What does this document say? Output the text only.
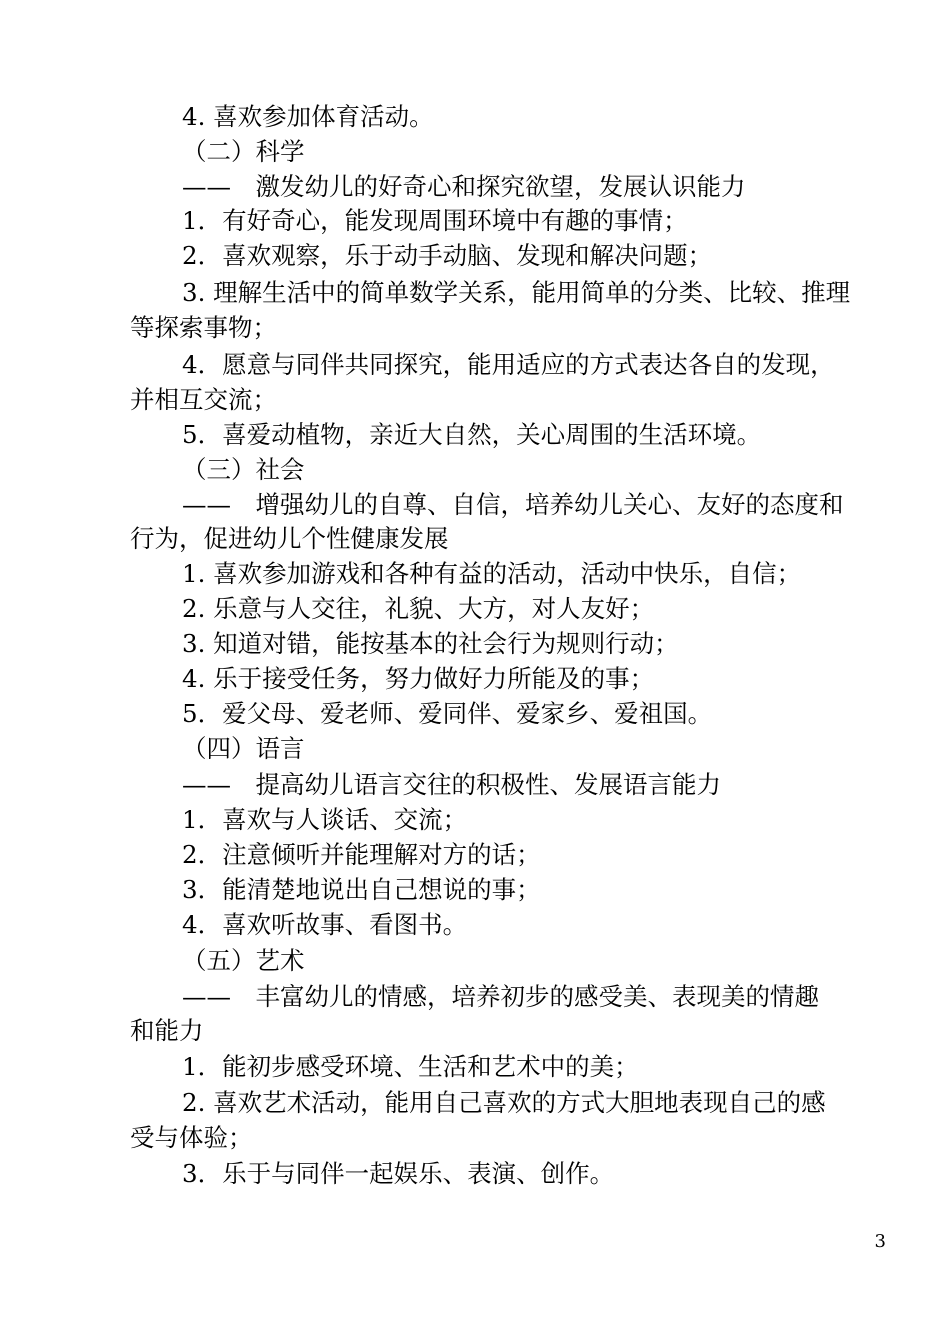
4. 喜欢参加体育活动。
（二）科学
——　激发幼儿的好奇心和探究欲望，发展认识能力
1．有好奇心，能发现周围环境中有趣的事情；
2．喜欢观察，乐于动手动脑、发现和解决问题；
3. 理解生活中的简单数学关系，能用简单的分类、比较、推理
等探索事物；
4．愿意与同伴共同探究，能用适应的方式表达各自的发现，
并相互交流；
5．喜爱动植物，亲近大自然，关心周围的生活环境。
（三）社会
——　增强幼儿的自尊、自信，培养幼儿关心、友好的态度和
行为，促进幼儿个性健康发展
1. 喜欢参加游戏和各种有益的活动，活动中快乐，自信；
2. 乐意与人交往，礼貌、大方，对人友好；
3. 知道对错，能按基本的社会行为规则行动；
4. 乐于接受任务，努力做好力所能及的事；
5．爱父母、爱老师、爱同伴、爱家乡、爱祖国。
（四）语言
——　提高幼儿语言交往的积极性、发展语言能力
1．喜欢与人谈话、交流；
2．注意倾听并能理解对方的话；
3．能清楚地说出自己想说的事；
4．喜欢听故事、看图书。
（五）艺术
——　丰富幼儿的情感，培养初步的感受美、表现美的情趣
和能力
1．能初步感受环境、生活和艺术中的美；
2. 喜欢艺术活动，能用自己喜欢的方式大胆地表现自己的感
受与体验；
3．乐于与同伴一起娱乐、表演、创作。
3
